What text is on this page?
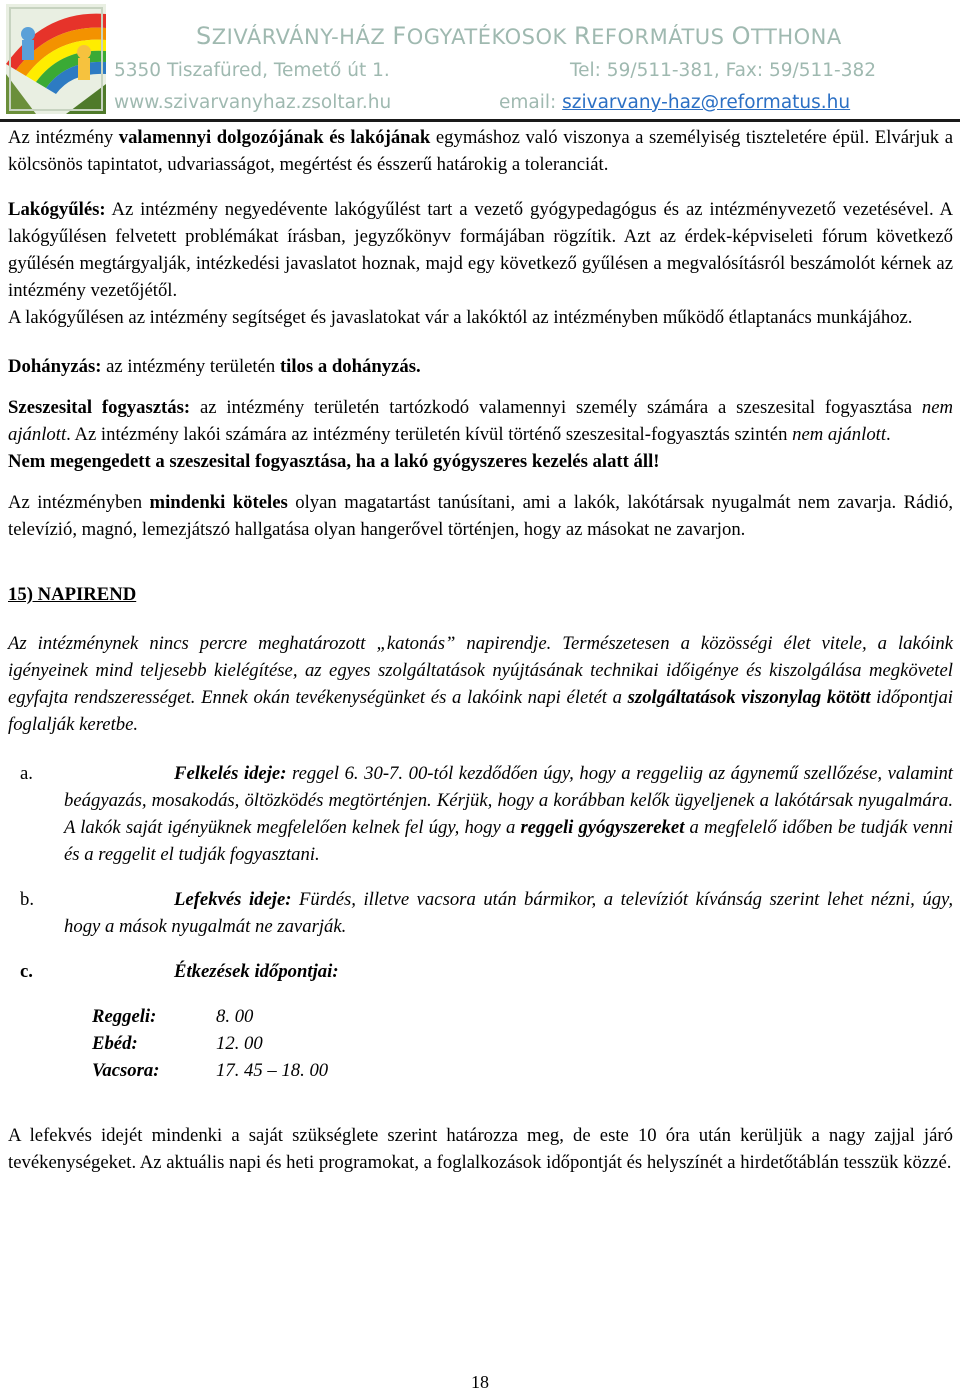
SZIVÁRVÁNY-HÁZ FOGYATÉKOSOK REFORMÁTUS OTTHONA
5350 Tiszafüred, Temető út 1.	Tel: 59/511-381, Fax: 59/511-382
www.szivarvanyhaz.zsoltar.hu	email: szivarvany-haz@reformatus.hu

Az intézmény valamennyi dolgozójának és lakójának egymáshoz való viszonya a személyiség tiszteletére épül. Elvárjuk a kölcsönös tapintatot, udvariasságot, megértést és ésszerű határokig a toleranciát.

Lakógyűlés: Az intézmény negyedévente lakógyűlést tart a vezető gyógypedagógus és az intézményvezető vezetésével. A lakógyűlésen felvetett problémákat írásban, jegyzőkönyv formájában rögzítik. Azt az érdek-képviseleti fórum következő gyűlésén megtárgyalják, intézkedési javaslatot hoznak, majd egy következő gyűlésen a megvalósításról beszámolót kérnek az intézmény vezetőjétől.

A lakógyűlésen az intézmény segítséget és javaslatokat vár a lakóktól az intézményben működő étlaptanács munkájához.

Dohányzás: az intézmény területén tilos a dohányzás.

Szeszesital fogyasztás: az intézmény területén tartózkodó valamennyi személy számára a szeszesital fogyasztása nem ajánlott. Az intézmény lakói számára az intézmény területén kívül történő szeszesital-fogyasztás szintén nem ajánlott.

Nem megengedett a szeszesital fogyasztása, ha a lakó gyógyszeres kezelés alatt áll!

Az intézményben mindenki köteles olyan magatartást tanúsítani, ami a lakók, lakótársak nyugalmát nem zavarja. Rádió, televízió, magnó, lemezjátszó hallgatása olyan hangerővel történjen, hogy az másokat ne zavarjon.

15) NAPIREND

Az intézménynek nincs percre meghatározott „katonás” napirendje. Természetesen a közösségi élet vitele, a lakóink igényeinek mind teljesebb kielégítése, az egyes szolgáltatások nyújtásának technikai időigénye és kiszolgálása megkövetel egyfajta rendszerességet. Ennek okán tevékenységünket és a lakóink napi életét a szolgáltatások viszonylag kötött időpontjai foglalják keretbe.

a.	Felkelés ideje: reggel 6. 30-7. 00-tól kezdődően úgy, hogy a reggeliig az ágynemű szellőzése, valamint beágyazás, mosakodás, öltözködés megtörténjen. Kérjük, hogy a korábban kelők ügyeljenek a lakótársak nyugalmára. A lakók saját igényüknek megfelelően kelnek fel úgy, hogy a reggeli gyógyszereket a megfelelő időben be tudják venni és a reggelit el tudják fogyasztani.
b.	Lefekvés ideje: Fürdés, illetve vacsora után bármikor, a televíziót kívánság szerint lehet nézni, úgy, hogy a mások nyugalmát ne zavarják.
c.	Étkezések időpontjai:
Reggeli:	8. 00
Ebéd:	12. 00
Vacsora:	17. 45 – 18. 00

A lefekvés idejét mindenki a saját szükséglete szerint határozza meg, de este 10 óra után kerüljük a nagy zajjal járó tevékenységeket. Az aktuális napi és heti programokat, a foglalkozások időpontját és helyszínét a hirdetőtáblán tesszük közzé.

18
